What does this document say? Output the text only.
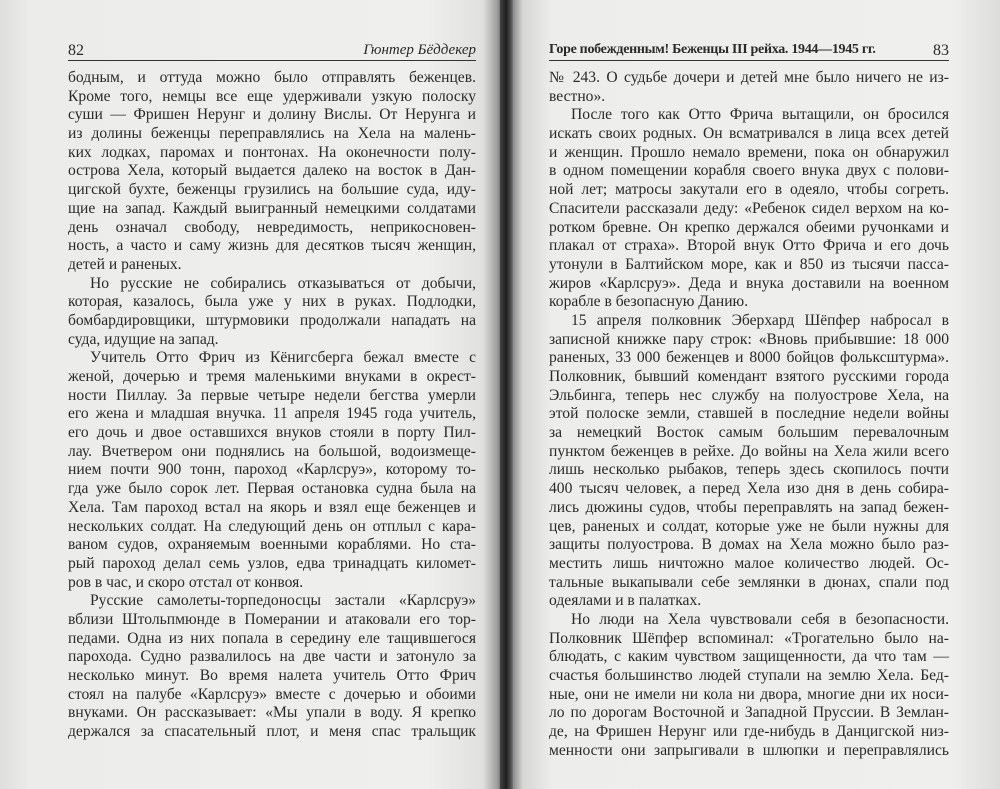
82	Гюнтер Бёддекер
бодным, и оттуда можно было отправлять беженцев.
Кроме того, немцы все еще удерживали узкую полоску
суши — Фришен Нерунг и долину Вислы. От Нерунга и
из долины беженцы переправлялись на Хела на малень-
ких лодках, паромах и понтонах. На оконечности полу-
острова Хела, который выдается далеко на восток в Дан-
цигской бухте, беженцы грузились на большие суда, иду-
щие на запад. Каждый выигранный немецкими солдатами
день означал свободу, невредимость, неприкосновен-
ность, а часто и саму жизнь для десятков тысяч женщин,
детей и раненых.
Но русские не собирались отказываться от добычи,
которая, казалось, была уже у них в руках. Подлодки,
бомбардировщики, штурмовики продолжали нападать на
суда, идущие на запад.
Учитель Отто Фрич из Кёнигсберга бежал вместе с
женой, дочерью и тремя маленькими внуками в окрест-
ности Пиллау. За первые четыре недели бегства умерли
его жена и младшая внучка. 11 апреля 1945 года учитель,
его дочь и двое оставшихся внуков стояли в порту Пил-
лау. Вчетвером они поднялись на большой, водоизмеще-
нием почти 900 тонн, пароход «Карлсруэ», которому то-
гда уже было сорок лет. Первая остановка судна была на
Хела. Там пароход встал на якорь и взял еще беженцев и
нескольких солдат. На следующий день он отплыл с кара-
ваном судов, охраняемым военными кораблями. Но ста-
рый пароход делал семь узлов, едва тринадцать километ-
ров в час, и скоро отстал от конвоя.
Русские самолеты-торпедоносцы застали «Карлсруэ»
вблизи Штольпмюнде в Померании и атаковали его тор-
педами. Одна из них попала в середину еле тащившегося
парохода. Судно развалилось на две части и затонуло за
несколько минут. Во время налета учитель Отто Фрич
стоял на палубе «Карлсруэ» вместе с дочерью и обоими
внуками. Он рассказывает: «Мы упали в воду. Я крепко
держался за спасательный плот, и меня спас тральщик
Горе побежденным! Беженцы III рейха. 1944—1945 гг.	83
№ 243. О судьбе дочери и детей мне было ничего не из-
вестно».
После того как Отто Фрича вытащили, он бросился
искать своих родных. Он всматривался в лица всех детей
и женщин. Прошло немало времени, пока он обнаружил
в одном помещении корабля своего внука двух с полови-
ной лет; матросы закутали его в одеяло, чтобы согреть.
Спасители рассказали деду: «Ребенок сидел верхом на ко-
ротком бревне. Он крепко держался обеими ручонками и
плакал от страха». Второй внук Отто Фрича и его дочь
утонули в Балтийском море, как и 850 из тысячи пасса-
жиров «Карлсруэ». Деда и внука доставили на военном
корабле в безопасную Данию.
15 апреля полковник Эберхард Шёпфер набросал в
записной книжке пару строк: «Вновь прибывшие: 18 000
раненых, 33 000 беженцев и 8000 бойцов фольксштурма».
Полковник, бывший комендант взятого русскими города
Эльбинга, теперь нес службу на полуострове Хела, на
этой полоске земли, ставшей в последние недели войны
за немецкий Восток самым большим перевалочным
пунктом беженцев в рейхе. До войны на Хела жили всего
лишь несколько рыбаков, теперь здесь скопилось почти
400 тысяч человек, а перед Хела изо дня в день собира-
лись дюжины судов, чтобы переправлять на запад бежен-
цев, раненых и солдат, которые уже не были нужны для
защиты полуострова. В домах на Хела можно было раз-
местить лишь ничтожно малое количество людей. Ос-
тальные выкапывали себе землянки в дюнах, спали под
одеялами и в палатках.
Но люди на Хела чувствовали себя в безопасности.
Полковник Шёпфер вспоминал: «Трогательно было на-
блюдать, с каким чувством защищенности, да что там —
счастья большинство людей ступали на землю Хела. Бед-
ные, они не имели ни кола ни двора, многие дни их носи-
ло по дорогам Восточной и Западной Пруссии. В Землан-
де, на Фришен Нерунг или где-нибудь в Данцигской низ-
менности они запрыгивали в шлюпки и переправлялись
